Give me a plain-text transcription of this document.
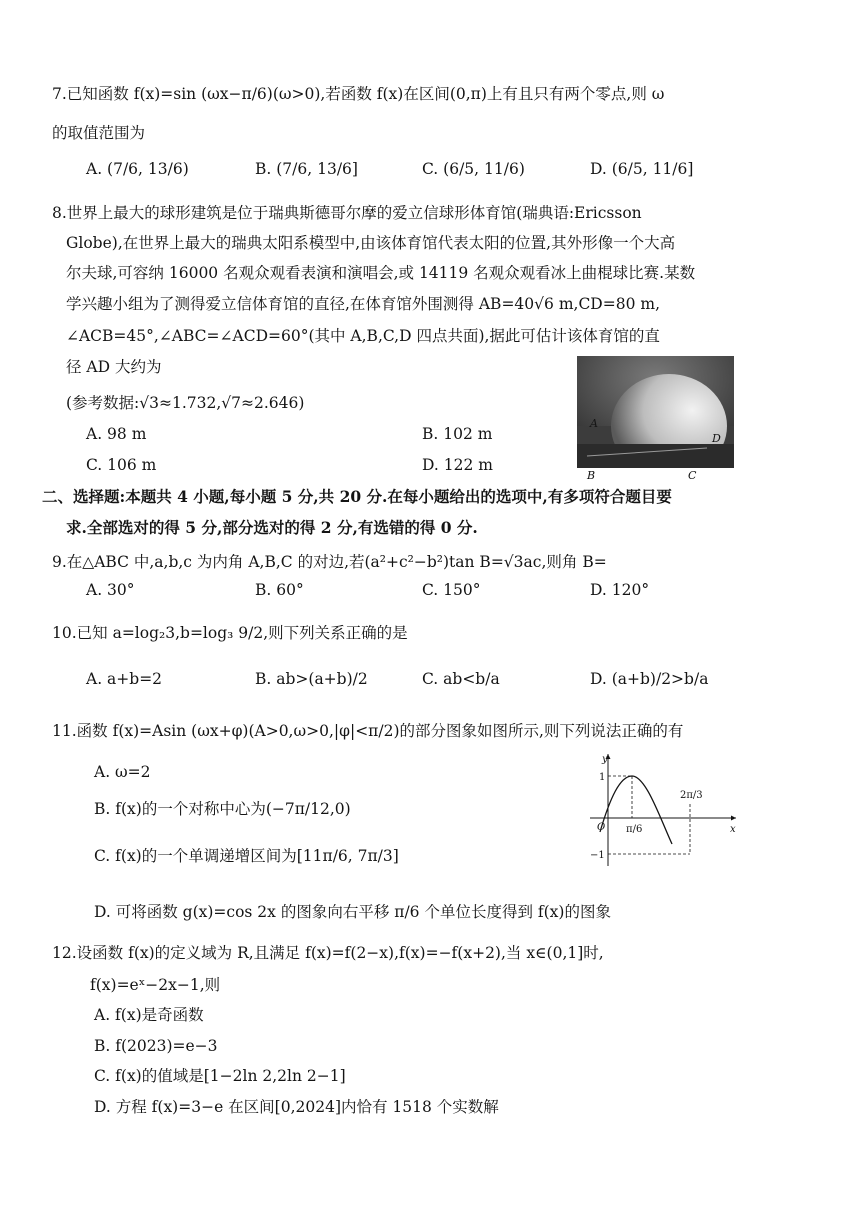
7.已知函数 f(x)=sin (ωx−π/6)(ω>0),若函数 f(x)在区间(0,π)上有且只有两个零点,则 ω
的取值范围为
A. (7/6, 13/6)	B. (7/6, 13/6]	C. (6/5, 11/6)	D. (6/5, 11/6]
8.世界上最大的球形建筑是位于瑞典斯德哥尔摩的爱立信球形体育馆(瑞典语:Ericsson
Globe),在世界上最大的瑞典太阳系模型中,由该体育馆代表太阳的位置,其外形像一个大高
尔夫球,可容纳 16000 名观众观看表演和演唱会,或 14119 名观众观看冰上曲棍球比赛.某数
学兴趣小组为了测得爱立信体育馆的直径,在体育馆外围测得 AB=40√6 m,CD=80 m,
∠ACB=45°,∠ABC=∠ACD=60°(其中 A,B,C,D 四点共面),据此可估计该体育馆的直
径 AD 大约为
(参考数据:√3≈1.732,√7≈2.646)
A. 98 m	B. 102 m
C. 106 m	D. 122 m
A
D
B	C
二、选择题:本题共 4 小题,每小题 5 分,共 20 分.在每小题给出的选项中,有多项符合题目要
求.全部选对的得 5 分,部分选对的得 2 分,有选错的得 0 分.
9.在△ABC 中,a,b,c 为内角 A,B,C 的对边,若(a²+c²−b²)tan B=√3ac,则角 B=
A. 30°	B. 60°	C. 150°	D. 120°
10.已知 a=log₂3,b=log₃ 9/2,则下列关系正确的是
A. a+b=2	B. ab>(a+b)/2	C. ab<b/a	D. (a+b)/2>b/a
11.函数 f(x)=Asin (ωx+φ)(A>0,ω>0,|φ|<π/2)的部分图象如图所示,则下列说法正确的有
A. ω=2
B. f(x)的一个对称中心为(−7π/12,0)
C. f(x)的一个单调递增区间为[11π/6, 7π/3]
D. 可将函数 g(x)=cos 2x 的图象向右平移 π/6 个单位长度得到 f(x)的图象
y
x
O
1
−1
π/6
2π/3
12.设函数 f(x)的定义域为 R,且满足 f(x)=f(2−x),f(x)=−f(x+2),当 x∈(0,1]时,
f(x)=eˣ−2x−1,则
A. f(x)是奇函数
B. f(2023)=e−3
C. f(x)的值域是[1−2ln 2,2ln 2−1]
D. 方程 f(x)=3−e 在区间[0,2024]内恰有 1518 个实数解
